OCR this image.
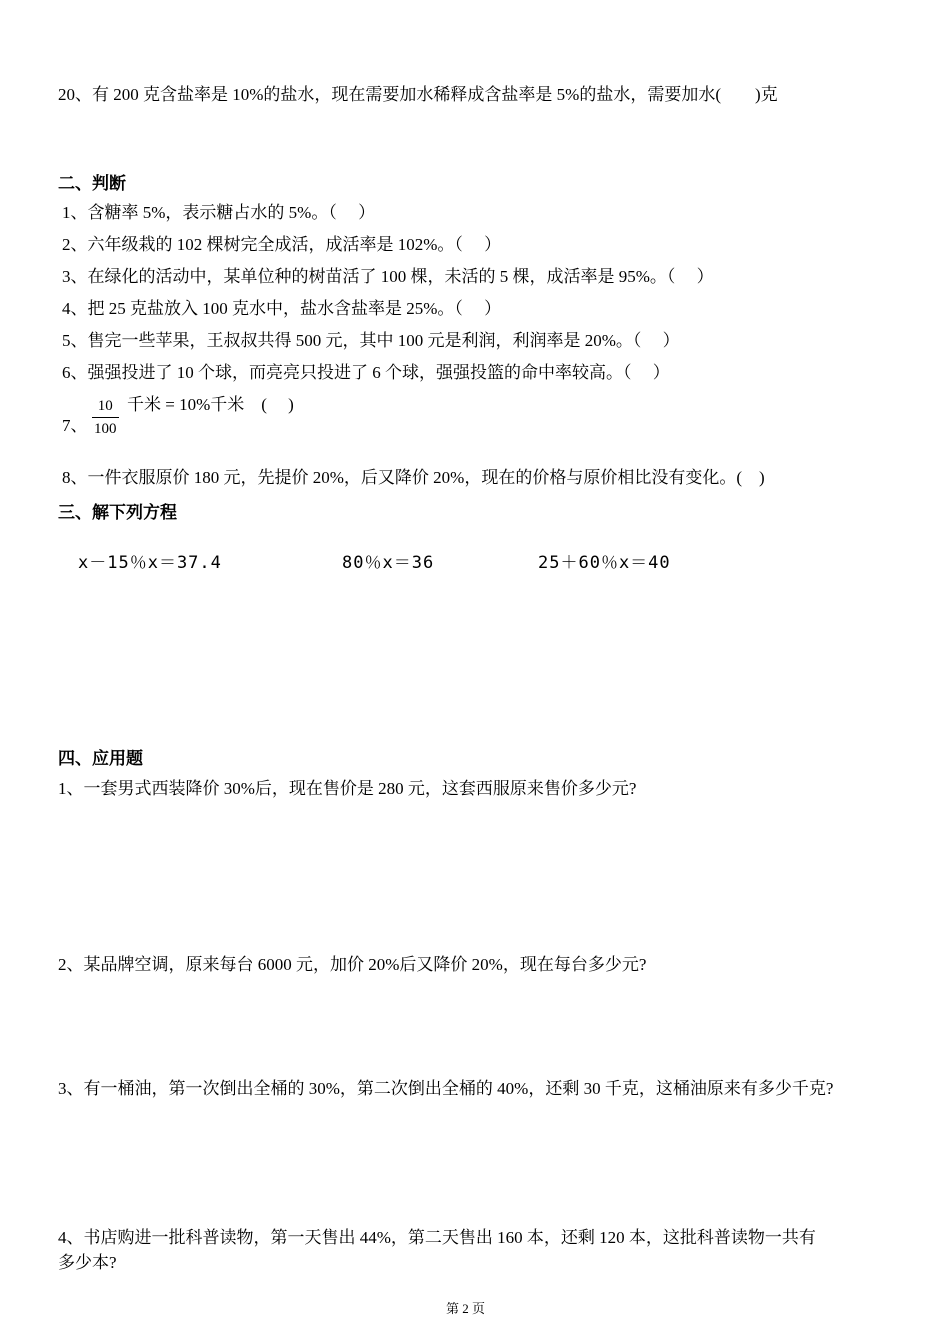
20、有 200 克含盐率是 10%的盐水，现在需要加水稀释成含盐率是 5%的盐水，需要加水(　　)克
二、判断
1、含糖率 5%，表示糖占水的 5%。（　 ）
2、六年级栽的 102 棵树完全成活，成活率是 102%。（　 ）
3、在绿化的活动中，某单位种的树苗活了 100 棵，未活的 5 棵，成活率是 95%。（　 ）
4、把 25 克盐放入 100 克水中，盐水含盐率是 25%。（　 ）
5、售完一些苹果，王叔叔共得 500 元，其中 100 元是利润，利润率是 20%。（　 ）
6、强强投进了 10 个球，而亮亮只投进了 6 个球，强强投篮的命中率较高。（　 ）
7、
10
100
千米 = 10%千米　(　 )
8、一件衣服原价 180 元，先提价 20%，后又降价 20%，现在的价格与原价相比没有变化。(　)
三、解下列方程
x－15％x＝37.4	80％x＝36	25＋60％x＝40
四、应用题
1、一套男式西装降价 30%后，现在售价是 280 元，这套西服原来售价多少元?
2、某品牌空调，原来每台 6000 元，加价 20%后又降价 20%，现在每台多少元?
3、有一桶油，第一次倒出全桶的 30%，第二次倒出全桶的 40%，还剩 30 千克，这桶油原来有多少千克?
4、书店购进一批科普读物，第一天售出 44%，第二天售出 160 本，还剩 120 本，这批科普读物一共有
多少本?
第 2 页
